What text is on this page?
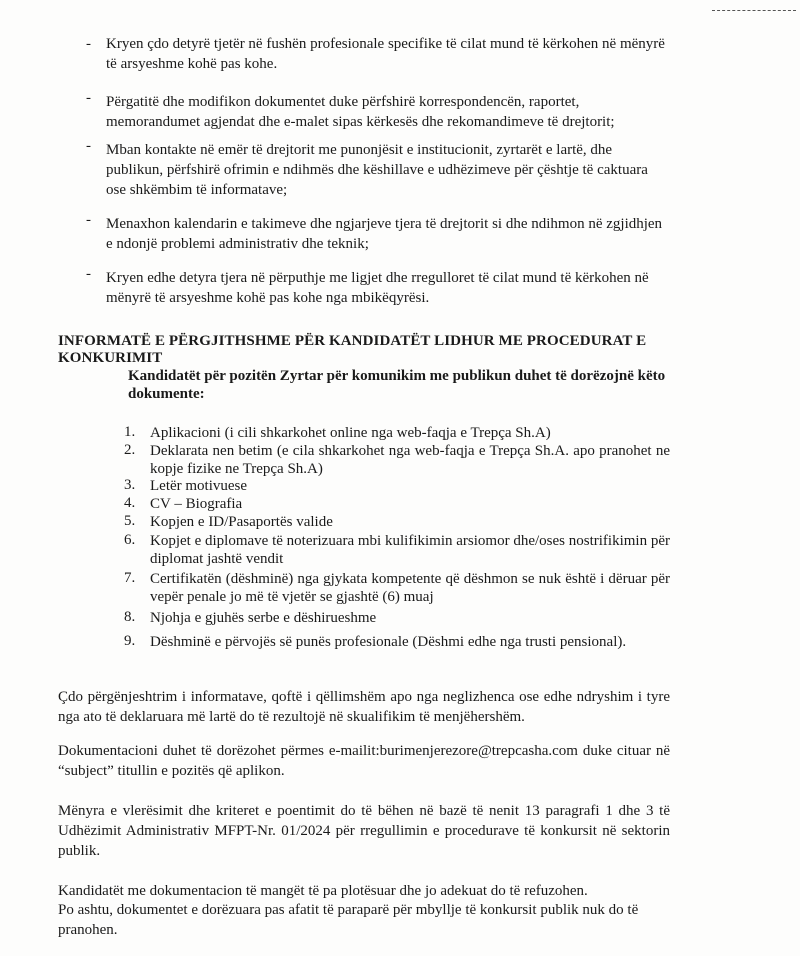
- Kryen çdo detyrë tjetër në fushën profesionale specifike të cilat mund të kërkohen në mënyrë të arsyeshme kohë pas kohe.
- Përgatitë dhe modifikon dokumentet duke përfshirë korrespondencën, raportet, memorandumet agjendat dhe e-malet sipas kërkesës dhe rekomandimeve të drejtorit;
- Mban kontakte në emër të drejtorit me punonjësit e institucionit, zyrtarët e lartë, dhe publikun, përfshirë ofrimin e ndihmës dhe këshillave e udhëzimeve për çështje të caktuara ose shkëmbim të informatave;
- Menaxhon kalendarin e takimeve dhe ngjarjeve tjera të drejtorit si dhe ndihmon në zgjidhjen e ndonjë problemi administrativ dhe teknik;
- Kryen edhe detyra tjera në përputhje me ligjet dhe rregulloret të cilat mund të kërkohen në mënyrë të arsyeshme kohë pas kohe nga mbikëqyrësi.
INFORMATË E PËRGJITHSHME PËR KANDIDATËT LIDHUR ME PROCEDURAT E KONKURIMIT
Kandidatët për pozitën Zyrtar për komunikim me publikun duhet të dorëzojnë këto dokumente:
1. Aplikacioni (i cili shkarkohet online nga web-faqja e Trepça Sh.A)
2. Deklarata nen betim (e cila shkarkohet nga web-faqja e Trepça Sh.A. apo pranohet ne kopje fizike ne Trepça Sh.A)
3. Letër motivuese
4. CV – Biografia
5. Kopjen e ID/Pasaportës valide
6. Kopjet e diplomave të noterizuara mbi kulifikimin arsiomor dhe/oses nostrifikimin për diplomat jashtë vendit
7. Certifikatën (dëshminë) nga gjykata kompetente që dëshmon se nuk është i dëruar për vepër penale jo më të vjetër se gjashtë (6) muaj
8. Njohja e gjuhës serbe e dëshirueshme
9. Dëshminë e përvojës së punës profesionale (Dëshmi edhe nga trusti pensional).
Çdo përgënjeshtrim i informatave, qoftë i qëllimshëm apo nga neglizhenca ose edhe ndryshim i tyre nga ato të deklaruara më lartë do të rezultojë në skualifikim të menjëhershëm.
Dokumentacioni duhet të dorëzohet përmes e-mailit:burimenjerezore@trepcasha.com duke cituar në “subject” titullin e pozitës që aplikon.
Mënyra e vlerësimit dhe kriteret e poentimit do të bëhen në bazë të nenit 13 paragrafi 1 dhe 3 të Udhëzimit Administrativ MFPT-Nr. 01/2024 për rregullimin e procedurave të konkursit në sektorin publik.
Kandidatët me dokumentacion të mangët të pa plotësuar dhe jo adekuat do të refuzohen.
Po ashtu, dokumentet e dorëzuara pas afatit të paraparë për mbyllje të konkursit publik nuk do të pranohen.
